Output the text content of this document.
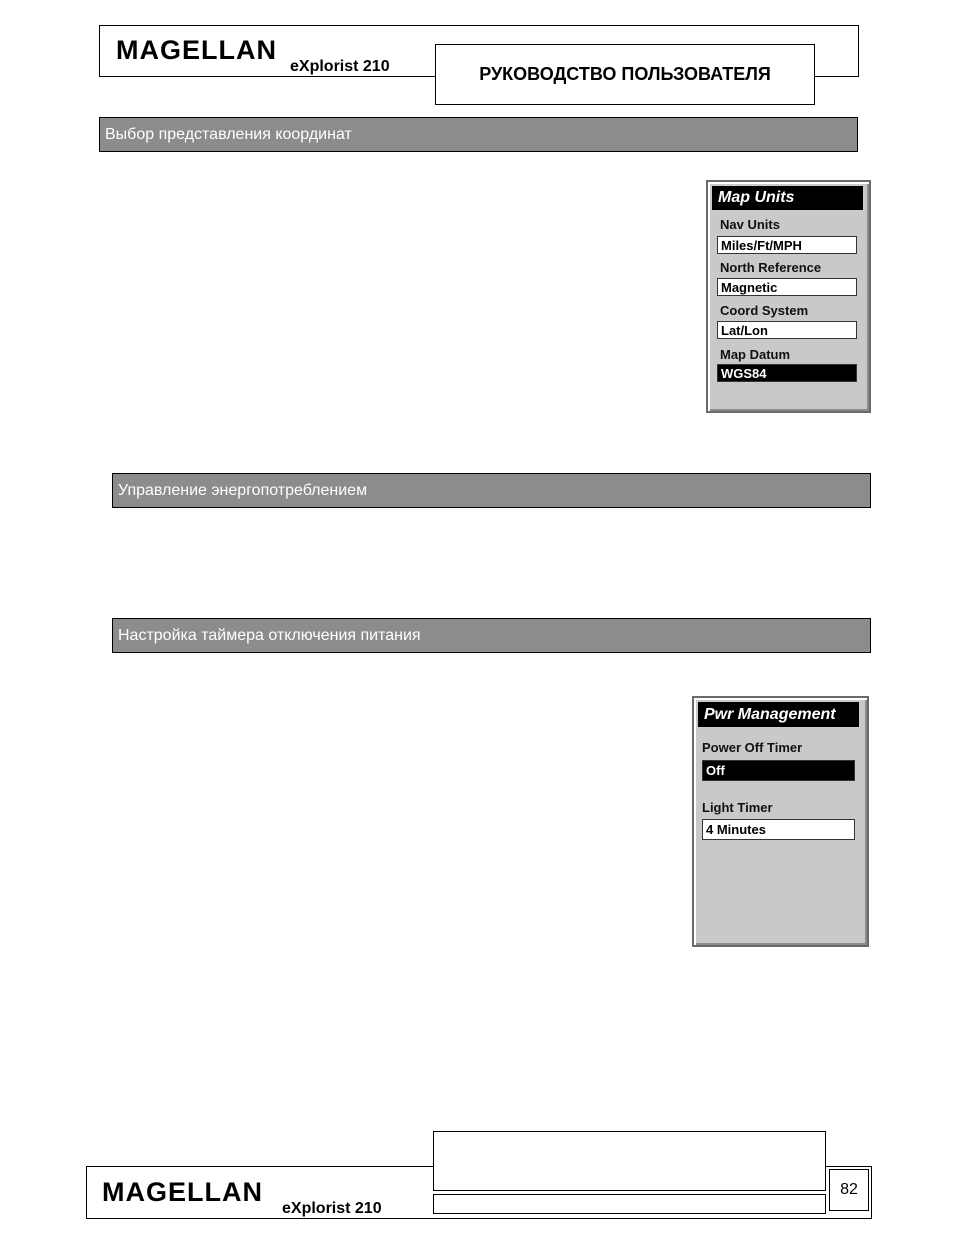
MAGELLAN
eXplorist 210	РУКОВОДСТВО ПОЛЬЗОВАТЕЛЯ
Выбор представления координат
Map Units
Nav Units
Miles/Ft/MPH
North Reference
Magnetic
Coord System
Lat/Lon
Map Datum
WGS84
Управление энергопотреблением
Настройка таймера отключения питания
Pwr Management
Power Off Timer
Off
Light Timer
4 Minutes
MAGELLAN
eXplorist 210
82
